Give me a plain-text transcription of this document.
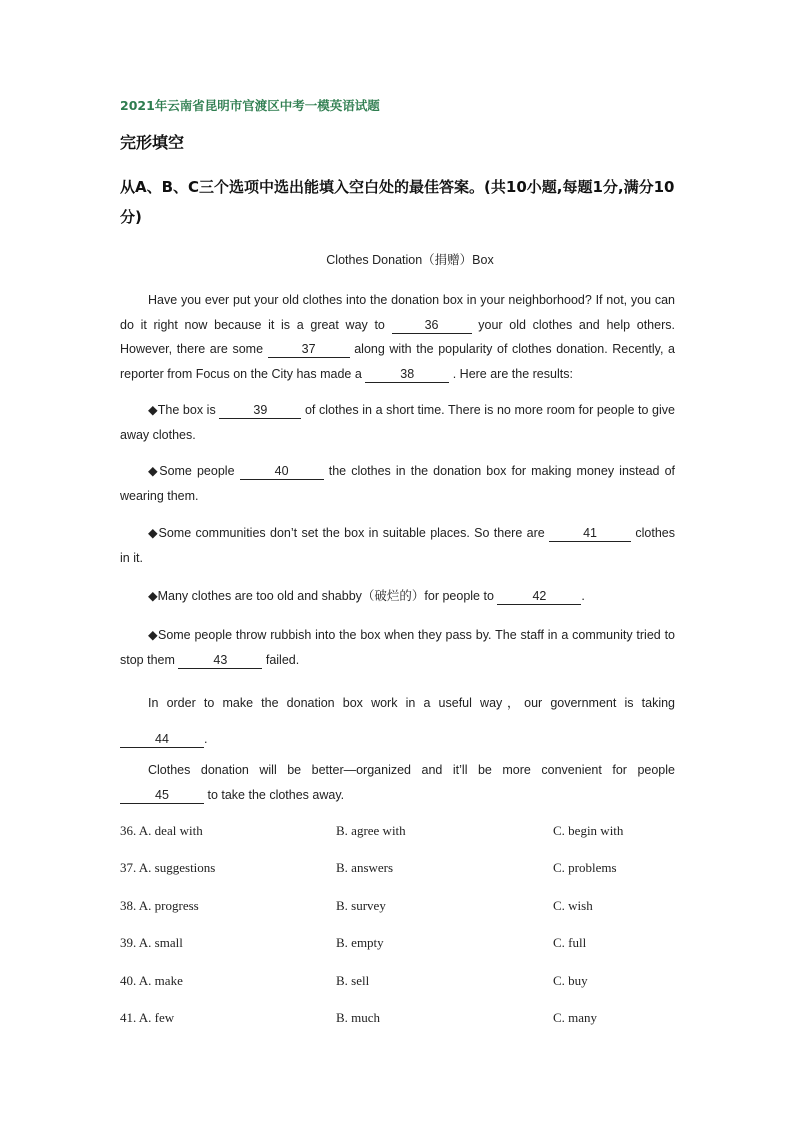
2021年云南省昆明市官渡区中考一模英语试题
完形填空
从A、B、C三个选项中选出能填入空白处的最佳答案。(共10小题,每题1分,满分10分)
Clothes Donation（捐赠）Box
Have you ever put your old clothes into the donation box in your neighborhood? If not, you can do it right now because it is a great way to	36	your old clothes and help others. However, there are some	37	along with the popularity of clothes donation. Recently, a reporter from Focus on the City has made a	38	. Here are the results:
◆The box is	39	of clothes in a short time. There is no more room for people to give away clothes.
◆Some people	40	the clothes in the donation box for making money instead of wearing them.
◆Some communities don’t set the box in suitable places. So there are	41	clothes in it.
◆Many clothes are too old and shabby（破烂的）for people to	42	.
◆Some people throw rubbish into the box when they pass by. The staff in a community tried to stop them	43	failed.
In order to make the donation box work in a useful way，our government is taking 44	.
Clothes donation will be better—organized and it’ll be more convenient for people 45	to take the clothes away.
36. A. deal with	B. agree with	C. begin with
37. A. suggestions	B. answers	C. problems
38. A. progress	B. survey	C. wish
39. A. small	B. empty	C. full
40. A. make	B. sell	C. buy
41. A. few	B. much	C. many
